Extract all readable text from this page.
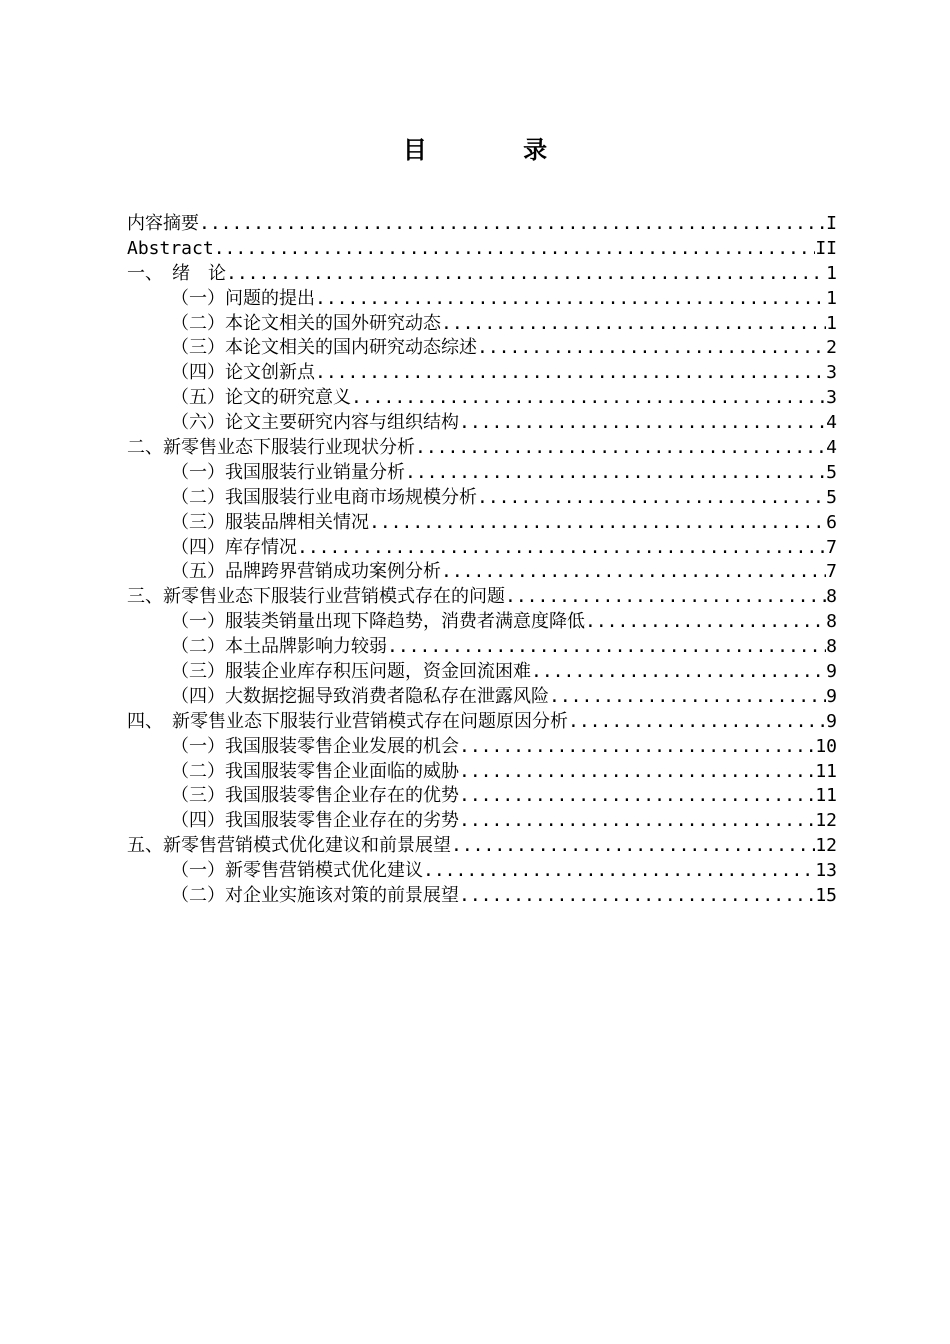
目 录
内容摘要 .....	I
Abstract .....	II
一、　绪　论 .....	1
（一）问题的提出 .....	1
（二）本论文相关的国外研究动态 .....	1
（三）本论文相关的国内研究动态综述 .....	2
（四）论文创新点 .....	3
（五）论文的研究意义 .....	3
（六）论文主要研究内容与组织结构 .....	4
二、新零售业态下服装行业现状分析 .....	4
（一）我国服装行业销量分析 .....	5
（二）我国服装行业电商市场规模分析 .....	5
（三）服装品牌相关情况 .....	6
（四）库存情况 .....	7
（五）品牌跨界营销成功案例分析 .....	7
三、新零售业态下服装行业营销模式存在的问题 .....	8
（一）服装类销量出现下降趋势，消费者满意度降低 .....	8
（二）本土品牌影响力较弱 .....	8
（三）服装企业库存积压问题，资金回流困难 .....	9
（四）大数据挖掘导致消费者隐私存在泄露风险 .....	9
四、　新零售业态下服装行业营销模式存在问题原因分析 .....	9
（一）我国服装零售企业发展的机会 .....	10
（二）我国服装零售企业面临的威胁 .....	11
（三）我国服装零售企业存在的优势 .....	11
（四）我国服装零售企业存在的劣势 .....	12
五、新零售营销模式优化建议和前景展望 .....	12
（一）新零售营销模式优化建议 .....	13
（二）对企业实施该对策的前景展望 .....	15
